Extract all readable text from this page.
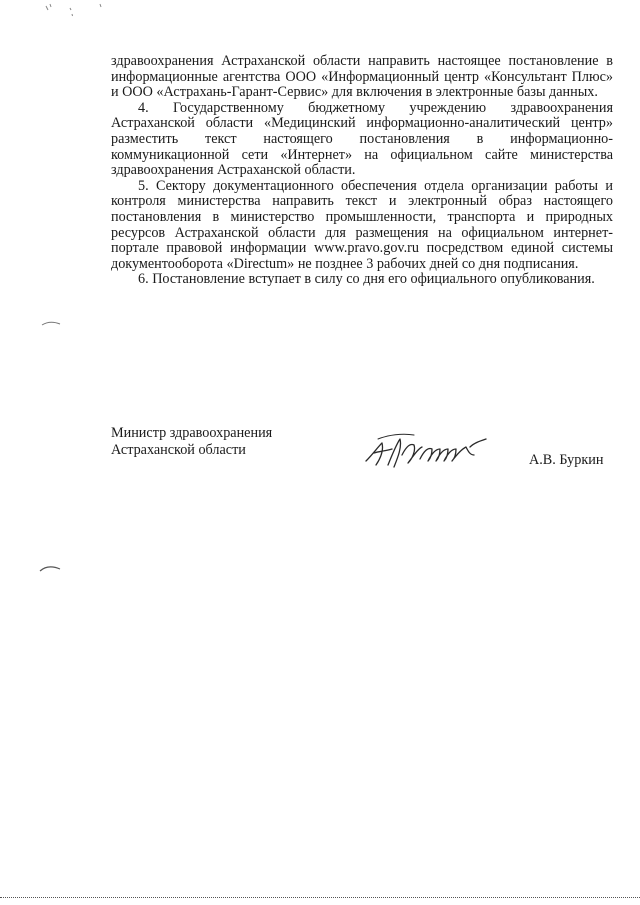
здравоохранения Астраханской области направить настоящее постановление в информационные агентства ООО «Информационный центр «Консультант Плюс» и ООО «Астрахань-Гарант-Сервис» для включения в электронные базы данных.

4. Государственному бюджетному учреждению здравоохранения Астраханской области «Медицинский информационно-аналитический центр» разместить текст настоящего постановления в информационно-коммуникационной сети «Интернет» на официальном сайте министерства здравоохранения Астраханской области.

5. Сектору документационного обеспечения отдела организации работы и контроля министерства направить текст и электронный образ настоящего постановления в министерство промышленности, транспорта и природных ресурсов Астраханской области для размещения на официальном интернет-портале правовой информации www.pravo.gov.ru посредством единой системы документооборота «Directum» не позднее 3 рабочих дней со дня подписания.

6. Постановление вступает в силу со дня его официального опубликования.

Министр здравоохранения
Астраханской области
А.В. Буркин
